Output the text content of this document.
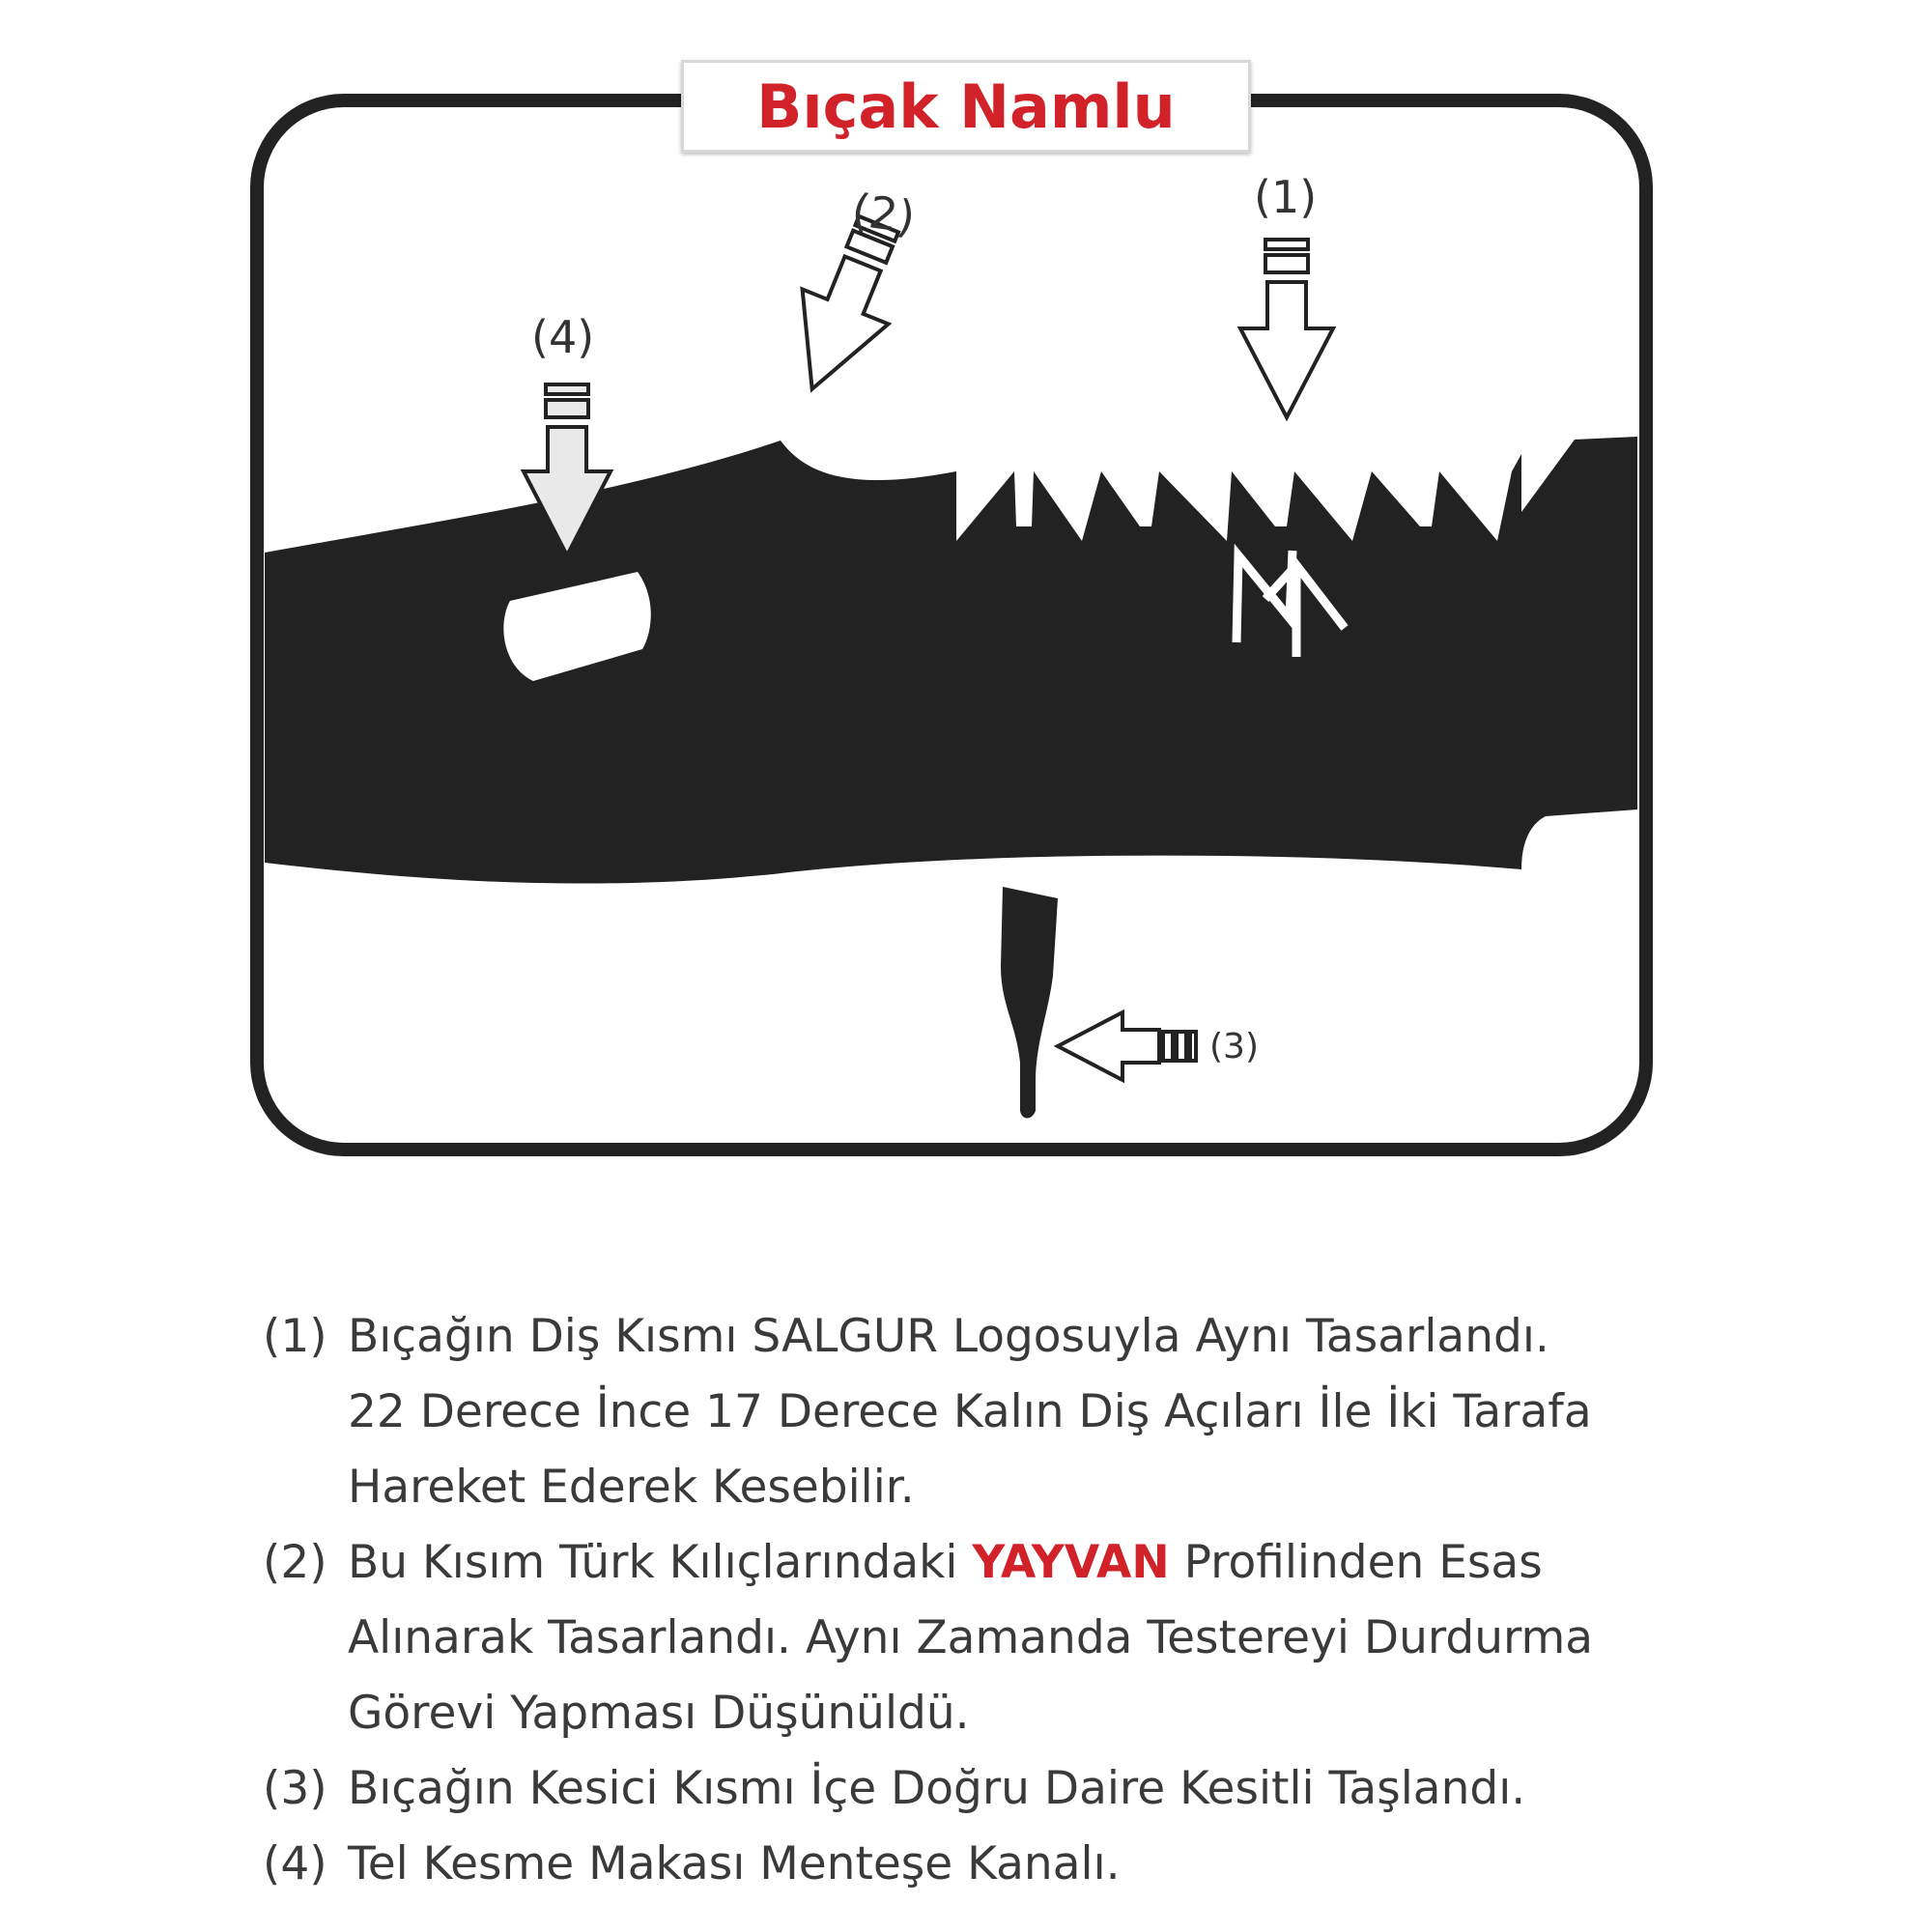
(1)
(2)
(4)
(3)
Bıçak Namlu
(1) Bıçağın Diş Kısmı SALGUR Logosuyla Aynı Tasarlandı.
22 Derece İnce 17 Derece Kalın Diş Açıları İle İki Tarafa
Hareket Ederek Kesebilir.
(2) Bu Kısım Türk Kılıçlarındaki YAYVAN Profilinden Esas
Alınarak Tasarlandı. Aynı Zamanda Testereyi Durdurma
Görevi Yapması Düşünüldü.
(3) Bıçağın Kesici Kısmı İçe Doğru Daire Kesitli Taşlandı.
(4) Tel Kesme Makası Menteşe Kanalı.
